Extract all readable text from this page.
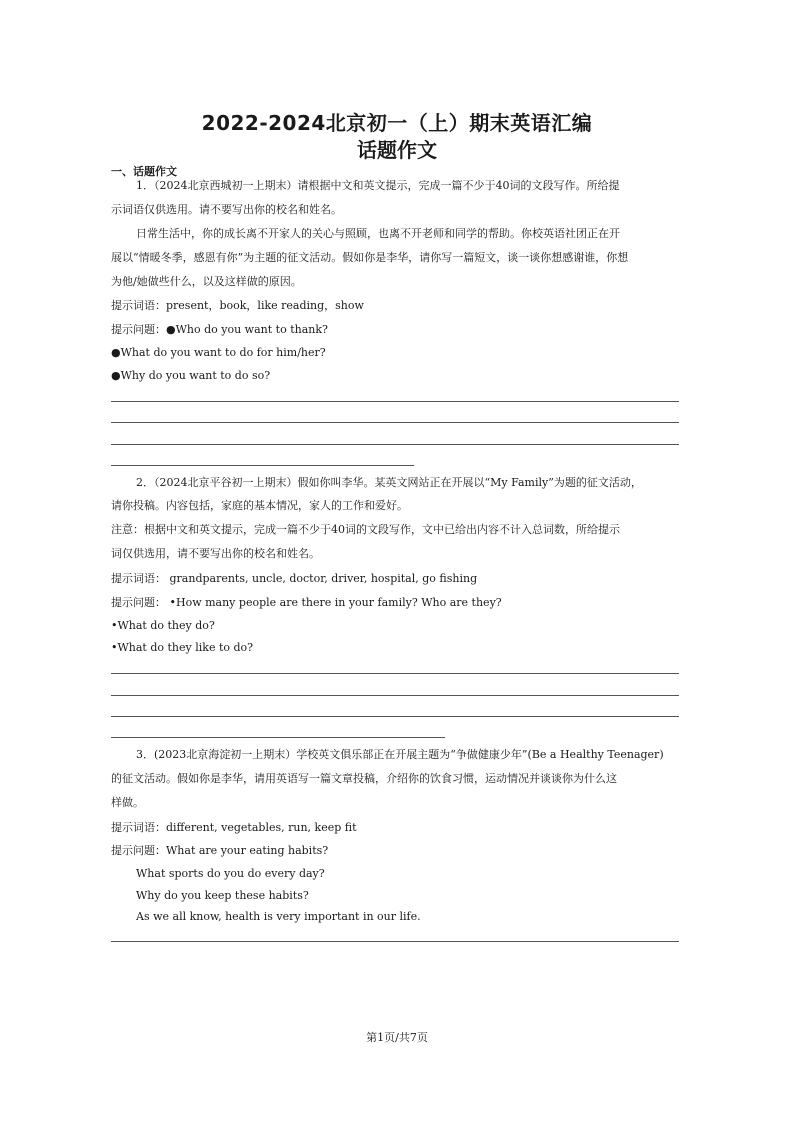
2022-2024北京初一（上）期末英语汇编
话题作文
一、话题作文
1．（2024北京西城初一上期末）请根据中文和英文提示，完成一篇不少于40词的文段写作。所给提
示词语仅供选用。请不要写出你的校名和姓名。
日常生活中，你的成长离不开家人的关心与照顾，也离不开老师和同学的帮助。你校英语社团正在开
展以“情暖冬季，感恩有你”为主题的征文活动。假如你是李华，请你写一篇短文，谈一谈你想感谢谁，你想
为他/她做些什么，以及这样做的原因。
提示词语：present，book，like reading，show
提示问题：●Who do you want to thank?
●What do you want to do for him/her?
●Why do you want to do so?
2．（2024北京平谷初一上期末）假如你叫李华。某英文网站正在开展以“My Family”为题的征文活动，
请你投稿。内容包括，家庭的基本情况，家人的工作和爱好。
注意：根据中文和英文提示，完成一篇不少于40词的文段写作，文中已给出内容不计入总词数，所给提示
词仅供选用，请不要写出你的校名和姓名。
提示词语： grandparents, uncle, doctor, driver, hospital, go fishing
提示问题： •How many people are there in your family? Who are they?
•What do they do?
•What do they like to do?
3．(2023北京海淀初一上期末）学校英文俱乐部正在开展主题为“争做健康少年”(Be a Healthy Teenager)
的征文活动。假如你是李华，请用英语写一篇文章投稿，介绍你的饮食习惯，运动情况并谈谈你为什么这
样做。
提示词语：different, vegetables, run, keep fit
提示问题：What are your eating habits?
What sports do you do every day?
Why do you keep these habits?
As we all know, health is very important in our life.
第1页/共7页
